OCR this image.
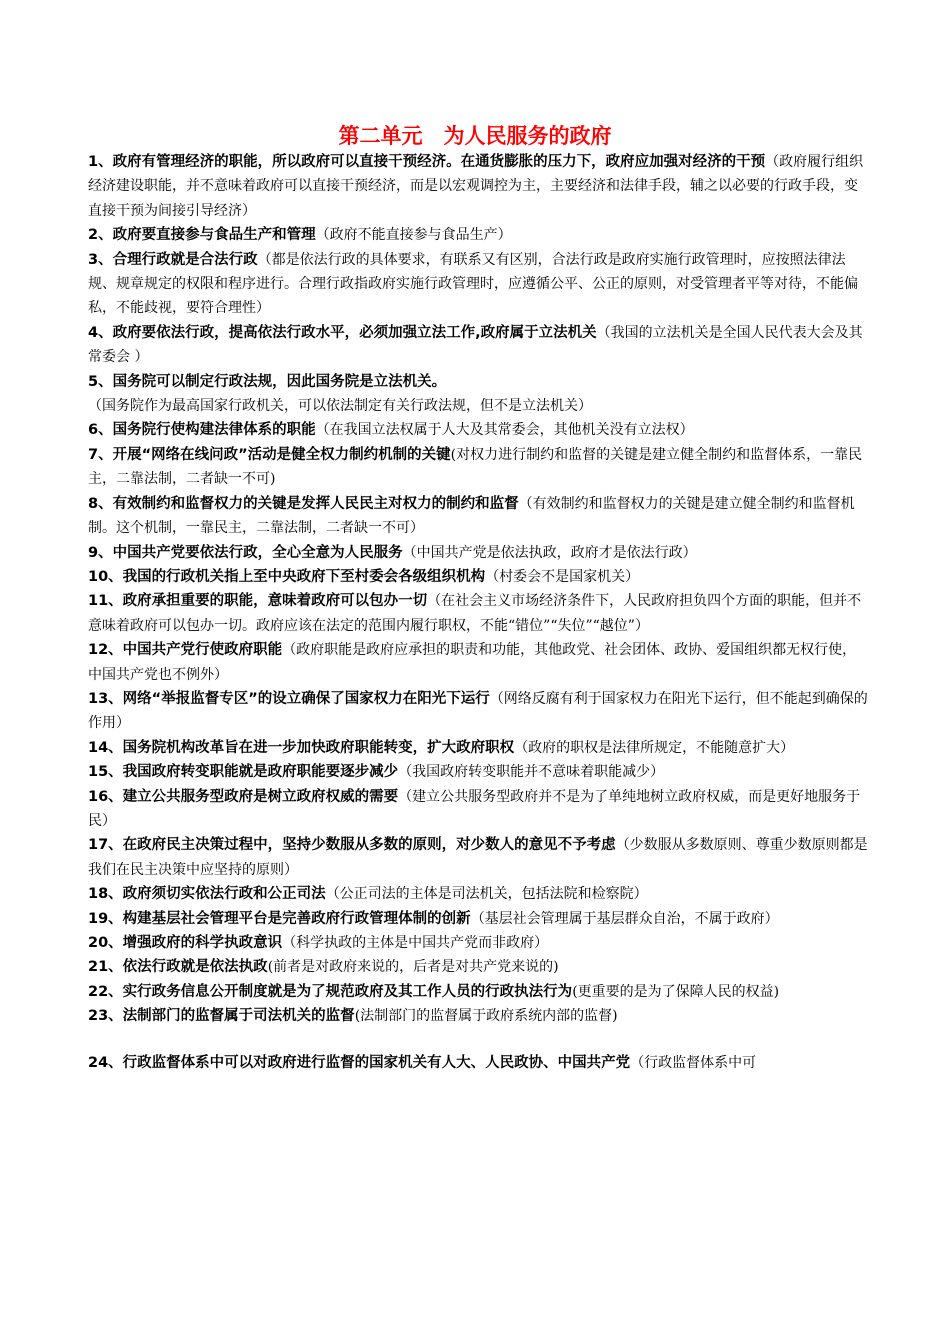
第二单元　为人民服务的政府

1、政府有管理经济的职能，所以政府可以直接干预经济。在通货膨胀的压力下，政府应加强对经济的干预（政府履行组织经济建设职能，并不意味着政府可以直接干预经济，而是以宏观调控为主，主要经济和法律手段，辅之以必要的行政手段，变直接干预为间接引导经济）

2、政府要直接参与食品生产和管理（政府不能直接参与食品生产）

3、合理行政就是合法行政（都是依法行政的具体要求，有联系又有区别，合法行政是政府实施行政管理时，应按照法律法规、规章规定的权限和程序进行。合理行政指政府实施行政管理时，应遵循公平、公正的原则，对受管理者平等对待，不能偏私，不能歧视，要符合理性）

4、政府要依法行政，提高依法行政水平，必须加强立法工作,政府属于立法机关（我国的立法机关是全国人民代表大会及其常委会 ）

5、国务院可以制定行政法规，因此国务院是立法机关。
（国务院作为最高国家行政机关，可以依法制定有关行政法规，但不是立法机关）

6、国务院行使构建法律体系的职能（在我国立法权属于人大及其常委会，其他机关没有立法权）

7、开展“网络在线问政”活动是健全权力制约机制的关键(对权力进行制约和监督的关键是建立健全制约和监督体系，一靠民主，二靠法制，二者缺一不可)

8、有效制约和监督权力的关键是发挥人民民主对权力的制约和监督（有效制约和监督权力的关键是建立健全制约和监督机制。这个机制，一靠民主，二靠法制，二者缺一不可）

9、中国共产党要依法行政，全心全意为人民服务（中国共产党是依法执政，政府才是依法行政）

10、我国的行政机关指上至中央政府下至村委会各级组织机构（村委会不是国家机关）

11、政府承担重要的职能，意味着政府可以包办一切（在社会主义市场经济条件下，人民政府担负四个方面的职能，但并不意味着政府可以包办一切。政府应该在法定的范围内履行职权，不能“错位”“失位”“越位”）

12、中国共产党行使政府职能（政府职能是政府应承担的职责和功能，其他政党、社会团体、政协、爱国组织都无权行使，中国共产党也不例外）

13、网络“举报监督专区”的设立确保了国家权力在阳光下运行（网络反腐有利于国家权力在阳光下运行，但不能起到确保的作用）

14、国务院机构改革旨在进一步加快政府职能转变，扩大政府职权（政府的职权是法律所规定，不能随意扩大）

15、我国政府转变职能就是政府职能要逐步减少（我国政府转变职能并不意味着职能减少）

16、建立公共服务型政府是树立政府权威的需要（建立公共服务型政府并不是为了单纯地树立政府权威，而是更好地服务于民）

17、在政府民主决策过程中，坚持少数服从多数的原则，对少数人的意见不予考虑（少数服从多数原则、尊重少数原则都是我们在民主决策中应坚持的原则）

18、政府须切实依法行政和公正司法（公正司法的主体是司法机关，包括法院和检察院）

19、构建基层社会管理平台是完善政府行政管理体制的创新（基层社会管理属于基层群众自治，不属于政府）

20、增强政府的科学执政意识（科学执政的主体是中国共产党而非政府）

21、依法行政就是依法执政(前者是对政府来说的，后者是对共产党来说的)

22、实行政务信息公开制度就是为了规范政府及其工作人员的行政执法行为(更重要的是为了保障人民的权益)

23、法制部门的监督属于司法机关的监督(法制部门的监督属于政府系统内部的监督)

24、行政监督体系中可以对政府进行监督的国家机关有人大、人民政协、中国共产党（行政监督体系中可
